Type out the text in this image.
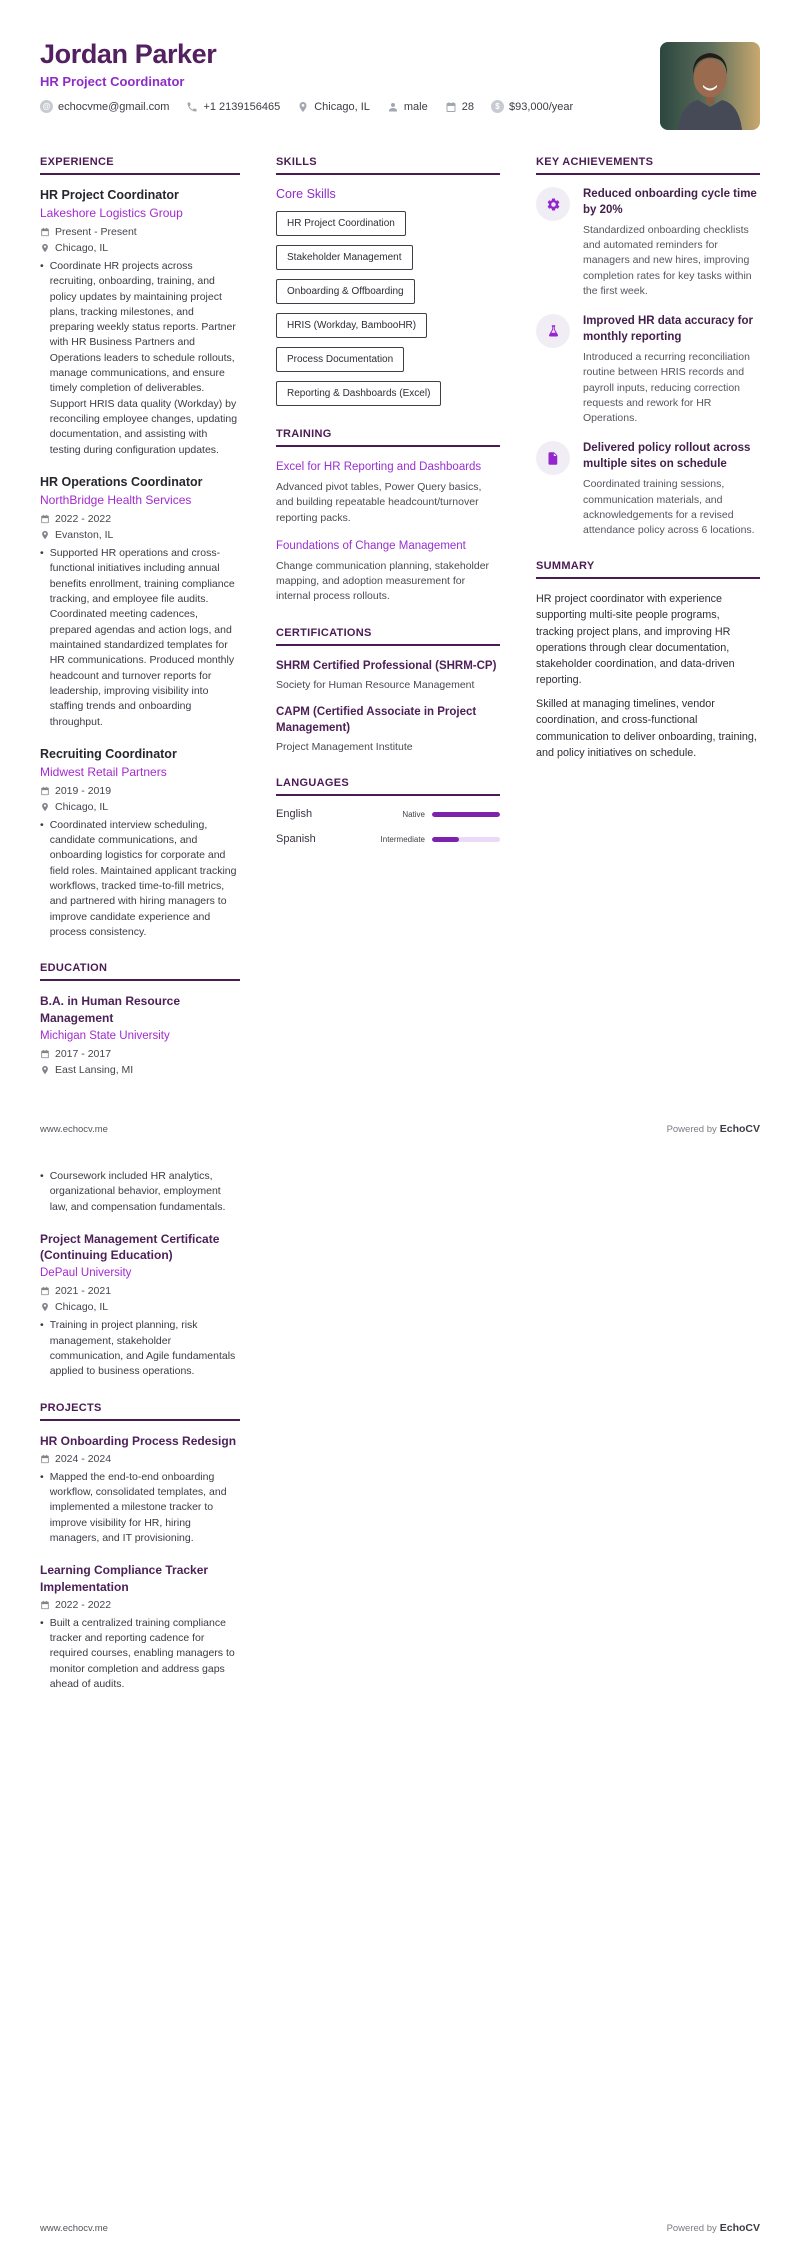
Jordan Parker
HR Project Coordinator
@ echocvme@gmail.com	+1 2139156465	Chicago, IL	male	28	$ $93,000/year
EXPERIENCE
HR Project Coordinator
Lakeshore Logistics Group
Present - Present
Chicago, IL
• Coordinate HR projects across recruiting, onboarding, training, and policy updates by maintaining project plans, tracking milestones, and preparing weekly status reports. Partner with HR Business Partners and Operations leaders to schedule rollouts, manage communications, and ensure timely completion of deliverables. Support HRIS data quality (Workday) by reconciling employee changes, updating documentation, and assisting with testing during configuration updates.
HR Operations Coordinator
NorthBridge Health Services
2022 - 2022
Evanston, IL
• Supported HR operations and cross-functional initiatives including annual benefits enrollment, training compliance tracking, and employee file audits. Coordinated meeting cadences, prepared agendas and action logs, and maintained standardized templates for HR communications. Produced monthly headcount and turnover reports for leadership, improving visibility into staffing trends and onboarding throughput.
Recruiting Coordinator
Midwest Retail Partners
2019 - 2019
Chicago, IL
• Coordinated interview scheduling, candidate communications, and onboarding logistics for corporate and field roles. Maintained applicant tracking workflows, tracked time-to-fill metrics, and partnered with hiring managers to improve candidate experience and process consistency.
EDUCATION
B.A. in Human Resource Management
Michigan State University
2017 - 2017
East Lansing, MI
SKILLS
Core Skills
HR Project Coordination
Stakeholder Management
Onboarding & Offboarding
HRIS (Workday, BambooHR)
Process Documentation
Reporting & Dashboards (Excel)
TRAINING
Excel for HR Reporting and Dashboards
Advanced pivot tables, Power Query basics, and building repeatable headcount/turnover reporting packs.
Foundations of Change Management
Change communication planning, stakeholder mapping, and adoption measurement for internal process rollouts.
CERTIFICATIONS
SHRM Certified Professional (SHRM-CP)
Society for Human Resource Management
CAPM (Certified Associate in Project Management)
Project Management Institute
LANGUAGES
English	Native
Spanish	Intermediate
KEY ACHIEVEMENTS
Reduced onboarding cycle time by 20%
Standardized onboarding checklists and automated reminders for managers and new hires, improving completion rates for key tasks within the first week.
Improved HR data accuracy for monthly reporting
Introduced a recurring reconciliation routine between HRIS records and payroll inputs, reducing correction requests and rework for HR Operations.
Delivered policy rollout across multiple sites on schedule
Coordinated training sessions, communication materials, and acknowledgements for a revised attendance policy across 6 locations.
SUMMARY

HR project coordinator with experience supporting multi-site people programs, tracking project plans, and improving HR operations through clear documentation, stakeholder coordination, and data-driven reporting.

Skilled at managing timelines, vendor coordination, and cross-functional communication to deliver onboarding, training, and policy initiatives on schedule.

www.echocv.me	Powered by EchoCV
• Coursework included HR analytics, organizational behavior, employment law, and compensation fundamentals.
Project Management Certificate (Continuing Education)
DePaul University
2021 - 2021
Chicago, IL
• Training in project planning, risk management, stakeholder communication, and Agile fundamentals applied to business operations.
PROJECTS
HR Onboarding Process Redesign
2024 - 2024
• Mapped the end-to-end onboarding workflow, consolidated templates, and implemented a milestone tracker to improve visibility for HR, hiring managers, and IT provisioning.
Learning Compliance Tracker Implementation
2022 - 2022
• Built a centralized training compliance tracker and reporting cadence for required courses, enabling managers to monitor completion and address gaps ahead of audits.
www.echocv.me	Powered by EchoCV
